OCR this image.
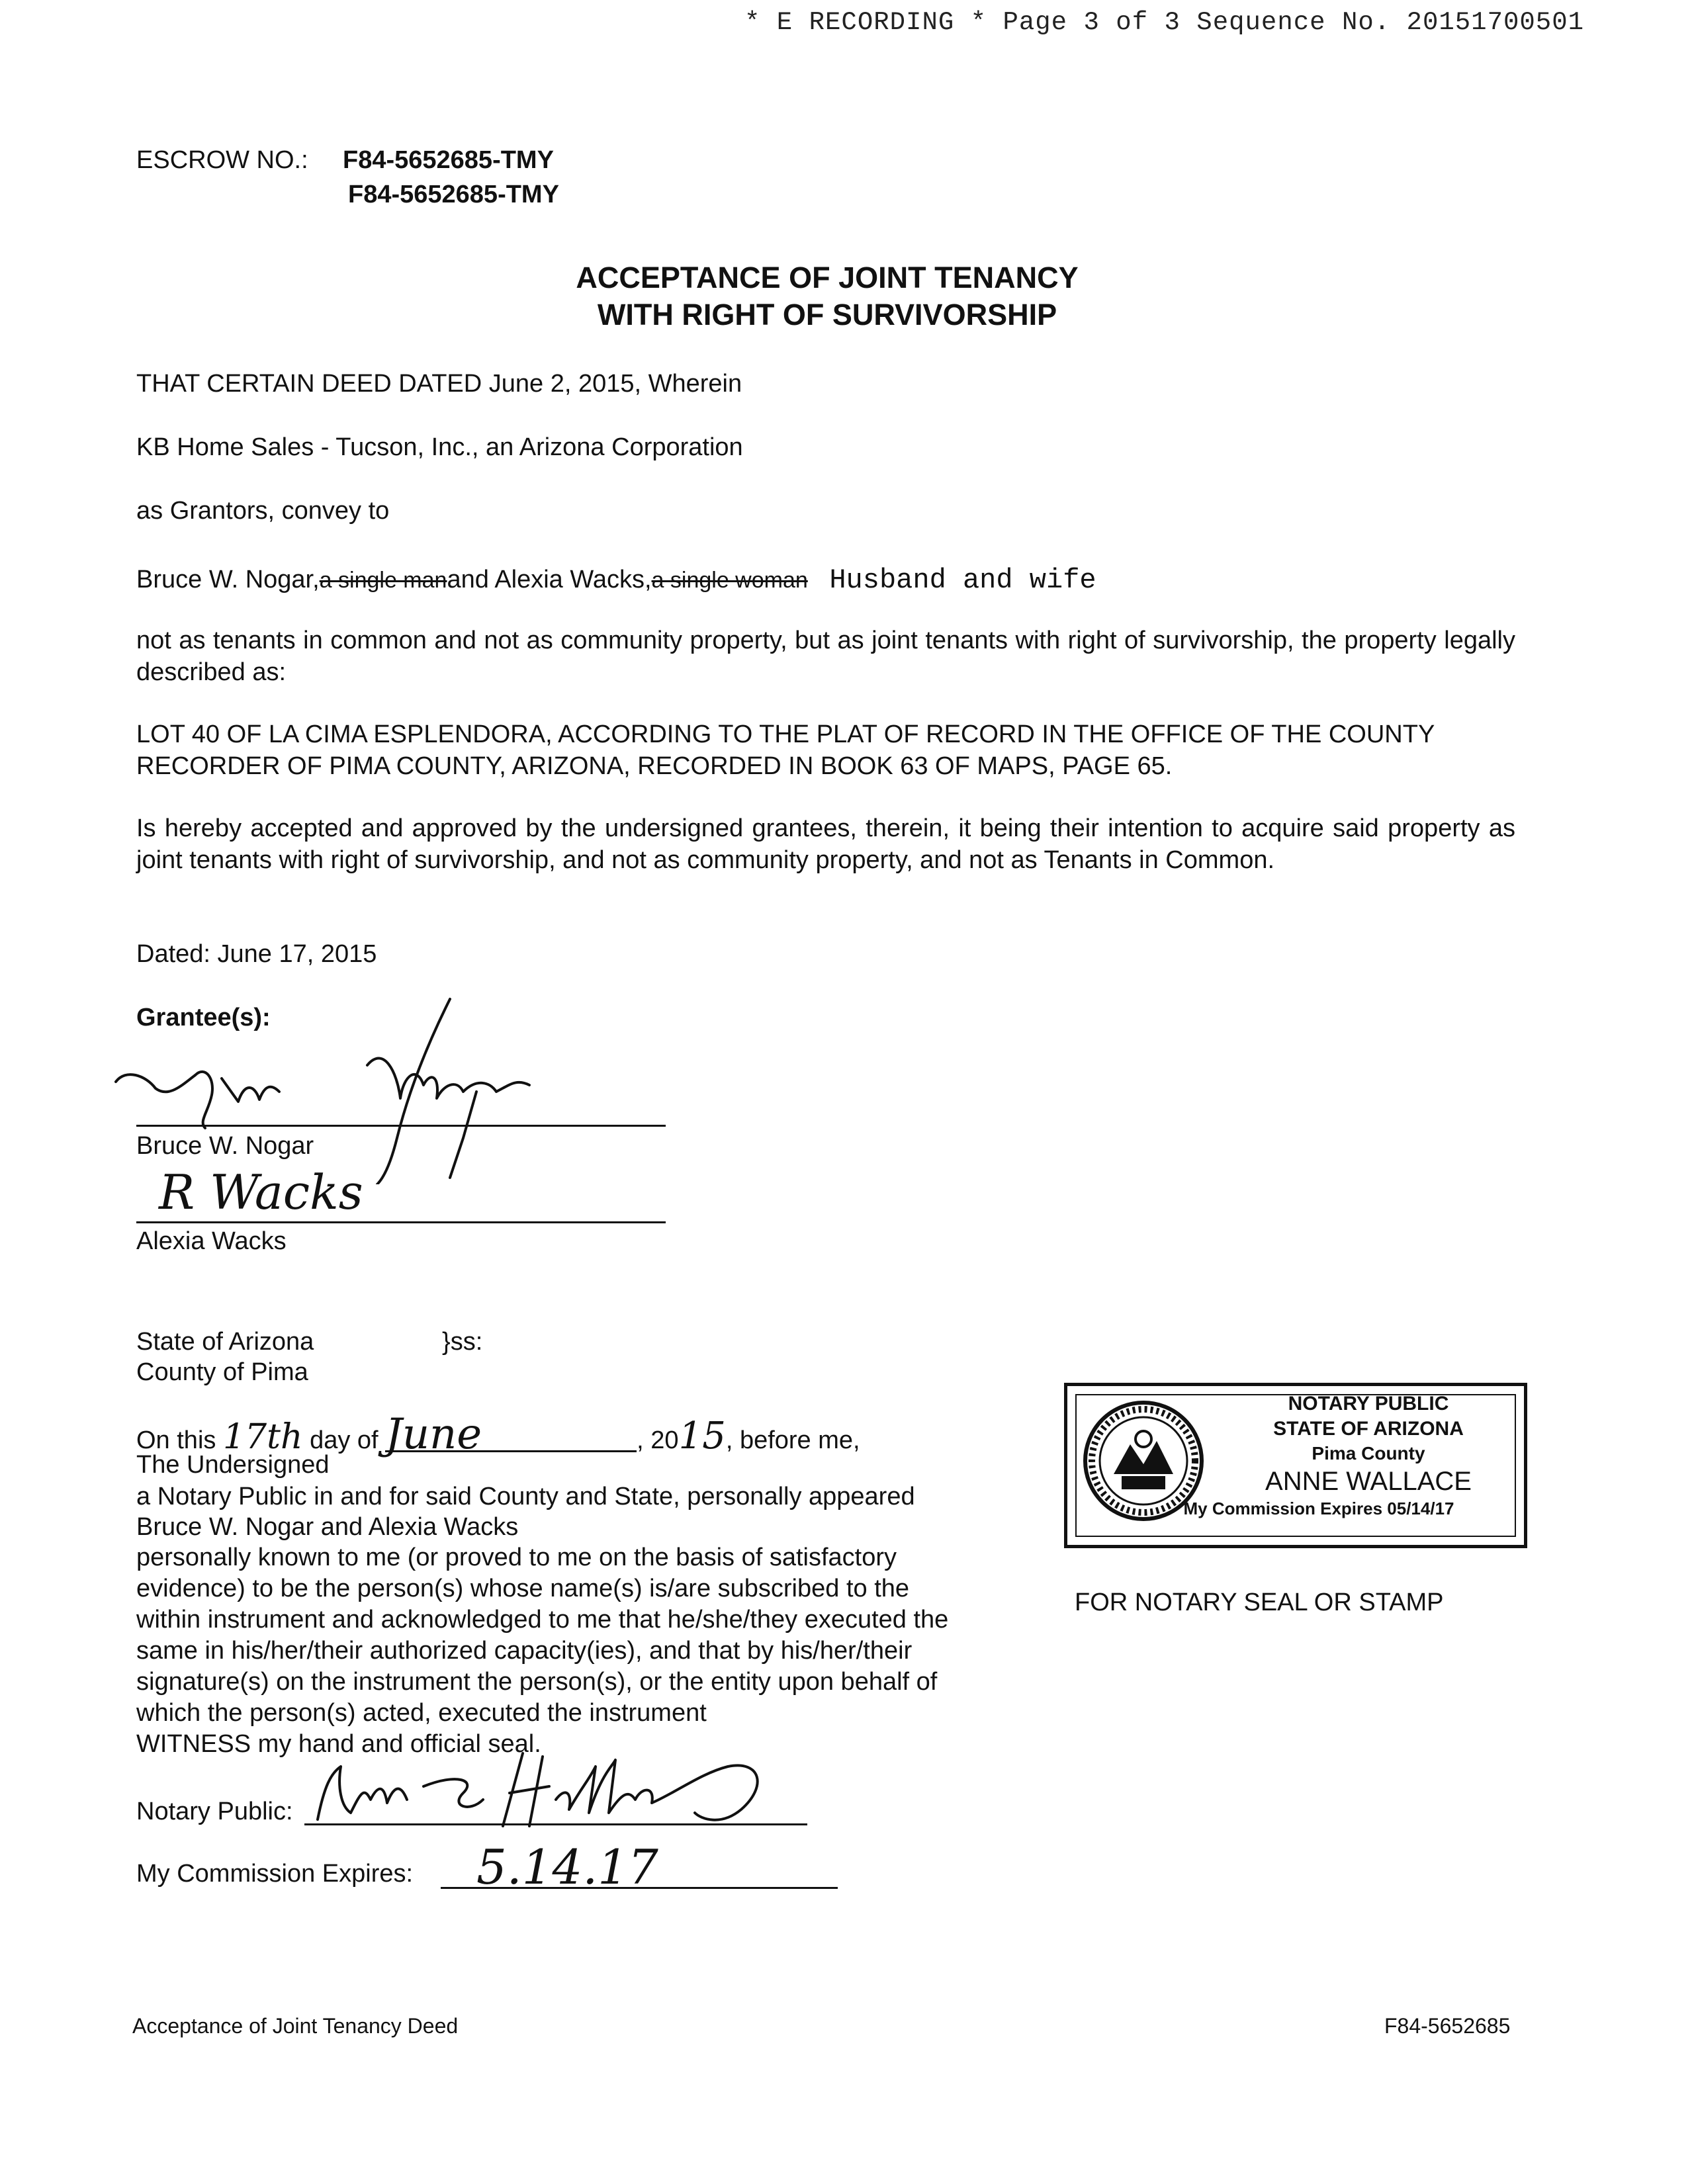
* E RECORDING * Page 3 of 3 Sequence No. 20151700501
ESCROW NO.: F84-5652685-TMY
F84-5652685-TMY
ACCEPTANCE OF JOINT TENANCY
WITH RIGHT OF SURVIVORSHIP
THAT CERTAIN DEED DATED June 2, 2015, Wherein
KB Home Sales - Tucson, Inc., an Arizona Corporation
as Grantors, convey to
Bruce W. Nogar,a single manand Alexia Wacks,a single woman Husband and wife
not as tenants in common and not as community property, but as joint tenants with right of survivorship, the property legally described as:
LOT 40 OF LA CIMA ESPLENDORA, ACCORDING TO THE PLAT OF RECORD IN THE OFFICE OF THE COUNTY RECORDER OF PIMA COUNTY, ARIZONA, RECORDED IN BOOK 63 OF MAPS, PAGE 65.
Is hereby accepted and approved by the undersigned grantees, therein, it being their intention to acquire said property as joint tenants with right of survivorship, and not as community property, and not as Tenants in Common.
Dated: June 17, 2015
Grantee(s):
Bruce W. Nogar
R Wacks
Alexia Wacks
State of Arizona	}ss:
County of Pima
On this 17th day of June	, 2015, before me,
The Undersigned
a Notary Public in and for said County and State, personally appeared
Bruce W. Nogar and Alexia Wacks
personally known to me (or proved to me on the basis of satisfactory
evidence) to be the person(s) whose name(s) is/are subscribed to the
within instrument and acknowledged to me that he/she/they executed the
same in his/her/their authorized capacity(ies), and that by his/her/their
signature(s) on the instrument the person(s), or the entity upon behalf of
which the person(s) acted, executed the instrument
WITNESS my hand and official seal.
Notary Public:
My Commission Expires: 5.14.17
NOTARY PUBLIC
STATE OF ARIZONA
Pima County
ANNE WALLACE
My Commission Expires 05/14/17
FOR NOTARY SEAL OR STAMP
Acceptance of Joint Tenancy Deed	F84-5652685
